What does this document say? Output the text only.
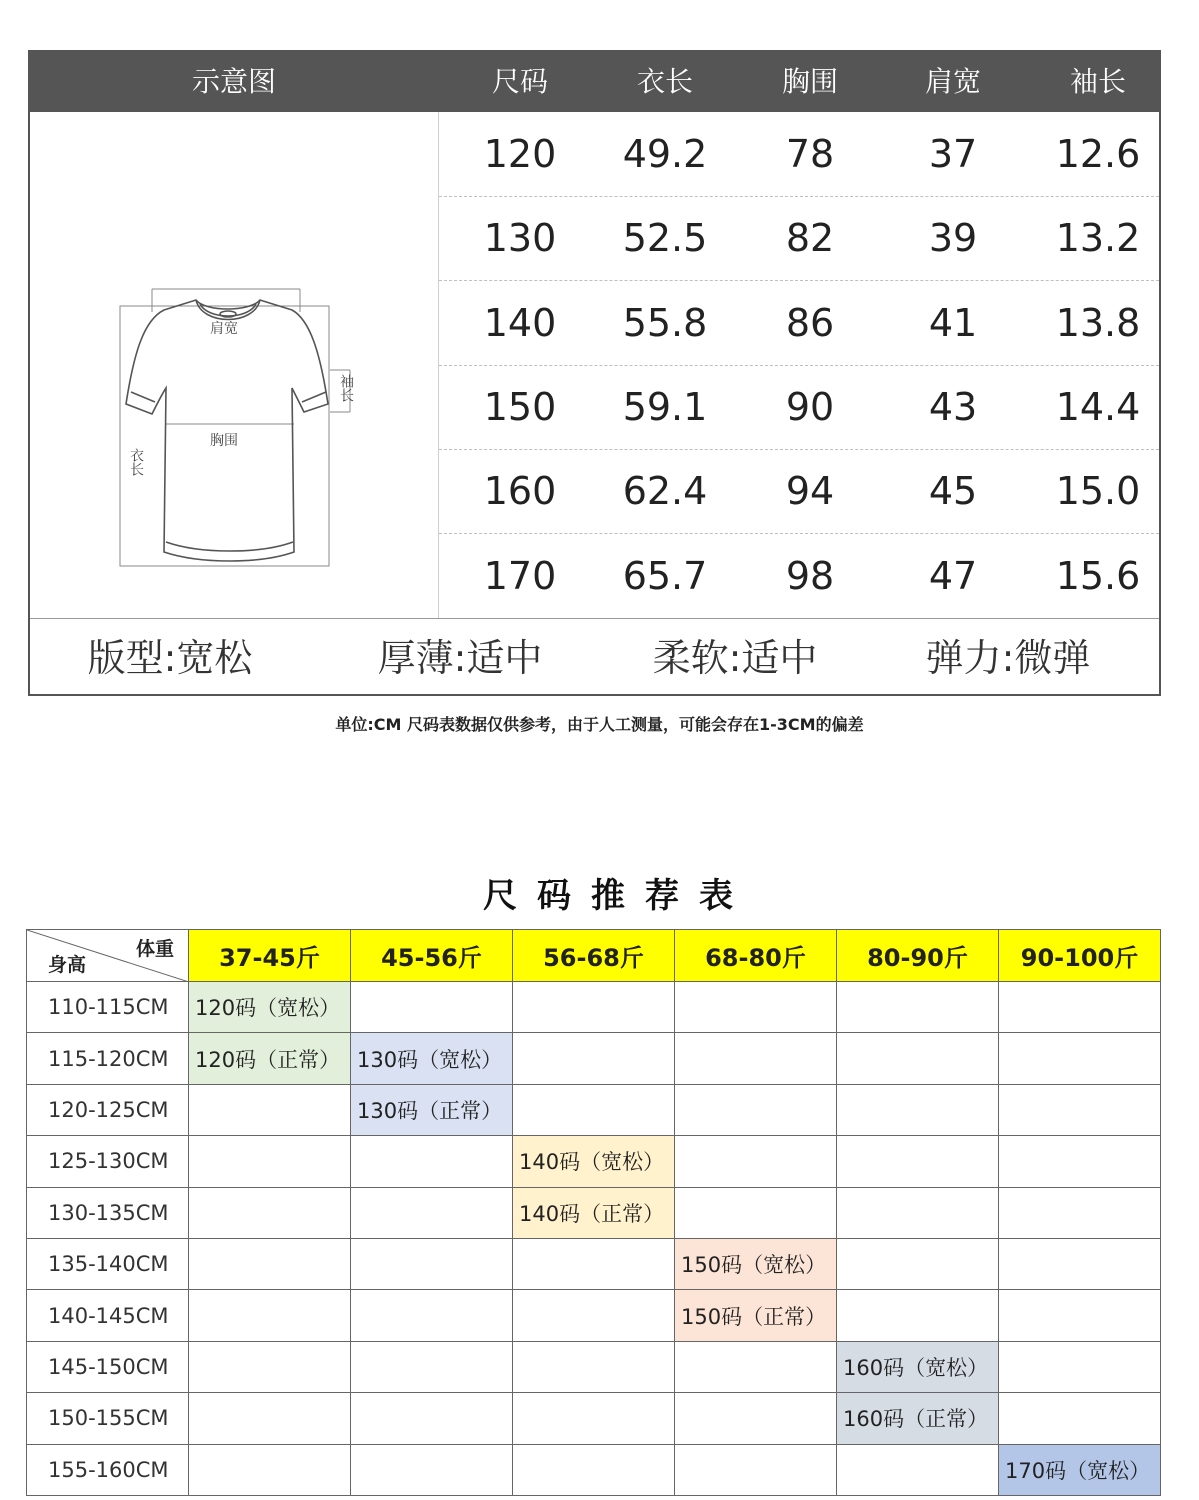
示意图	尺码	衣长	胸围	肩宽	袖长
肩宽
袖长
胸围
衣长
120	49.2	78	37	12.6
130	52.5	82	39	13.2
140	55.8	86	41	13.8
150	59.1	90	43	14.4
160	62.4	94	45	15.0
170	65.7	98	47	15.6
版型:宽松	厚薄:适中	柔软:适中	弹力:微弹
单位:CM 尺码表数据仅供参考，由于人工测量，可能会存在1-3CM的偏差
尺码推荐表
体重
身高	37-45斤	45-56斤	56-68斤	68-80斤	80-90斤	90-100斤
110-115CM	120码（宽松）					
115-120CM	120码（正常）	130码（宽松）				
120-125CM		130码（正常）				
125-130CM			140码（宽松）			
130-135CM			140码（正常）			
135-140CM				150码（宽松）		
140-145CM				150码（正常）		
145-150CM					160码（宽松）	
150-155CM					160码（正常）	
155-160CM						170码（宽松）
